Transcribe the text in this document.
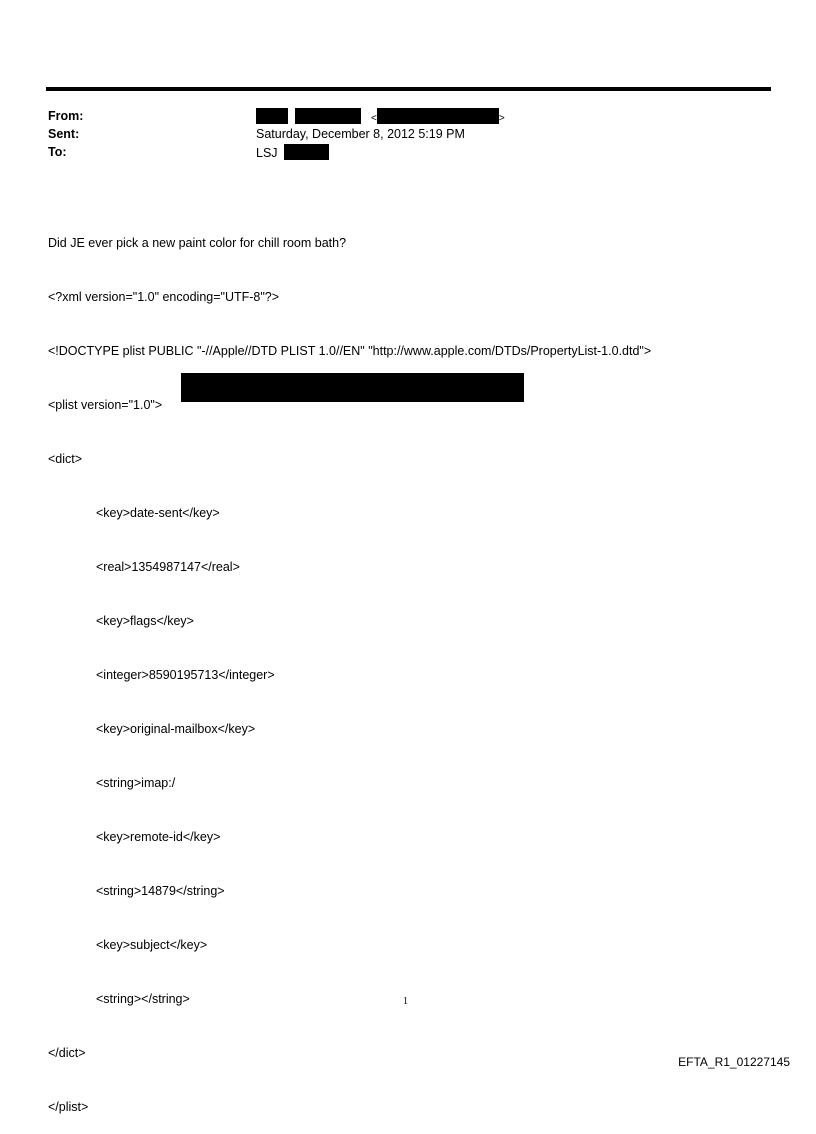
From:
Sent:
To:
<	>
Saturday, December 8, 2012 5:19 PM
LSJ

Did JE ever pick a new paint color for chill room bath?

<?xml version="1.0" encoding="UTF-8"?>

<!DOCTYPE plist PUBLIC "-//Apple//DTD PLIST 1.0//EN" "http://www.apple.com/DTDs/PropertyList-1.0.dtd">

<plist version="1.0">

<dict>

<key>date-sent</key>

<real>1354987147</real>

<key>flags</key>

<integer>8590195713</integer>

<key>original-mailbox</key>

<string>imap:/

<key>remote-id</key>

<string>14879</string>

<key>subject</key>

<string></string>

</dict>

</plist>

1
EFTA_R1_01227145
